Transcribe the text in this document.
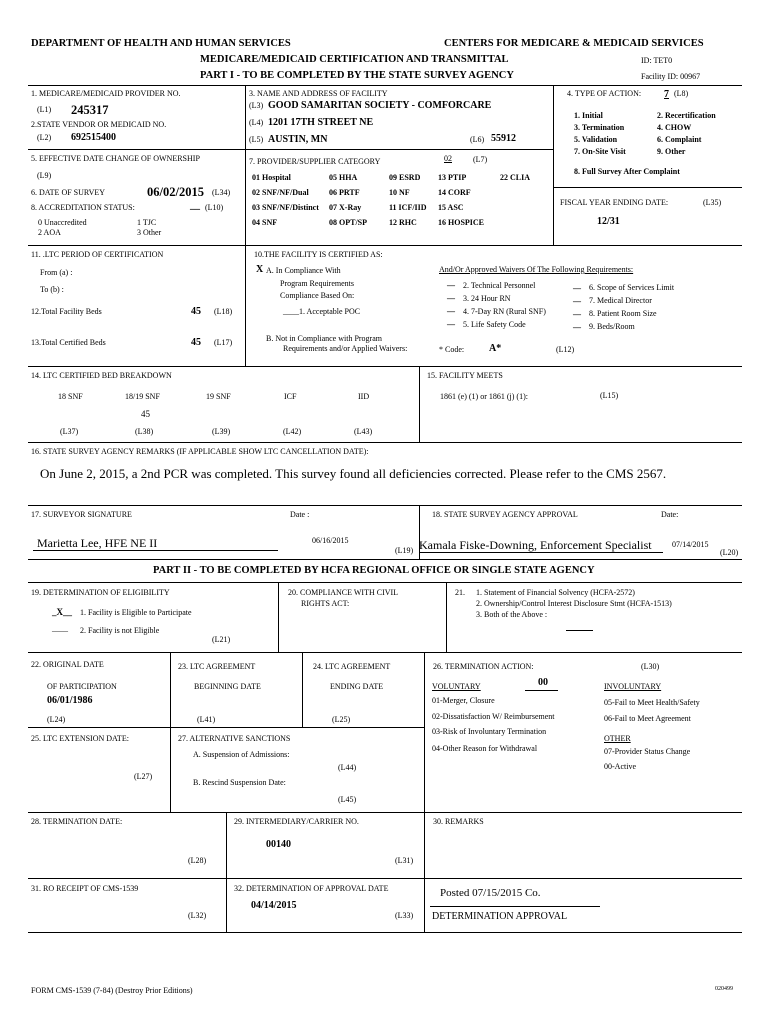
DEPARTMENT OF HEALTH AND HUMAN SERVICES	CENTERS FOR MEDICARE & MEDICAID SERVICES
MEDICARE/MEDICAID CERTIFICATION AND TRANSMITTAL
PART I - TO BE COMPLETED BY THE STATE SURVEY AGENCY
ID: TET0
Facility ID: 00967
1. MEDICARE/MEDICAID PROVIDER NO.
(L1) 245317
2.STATE VENDOR OR MEDICAID NO.
(L2) 692515400
3. NAME AND ADDRESS OF FACILITY
(L3) GOOD SAMARITAN SOCIETY - COMFORCARE
(L4) 1201 17TH STREET NE
(L5) AUSTIN, MN	(L6) 55912
4. TYPE OF ACTION: 7 (L8)
1. Initial	2. Recertification
3. Termination	4. CHOW
5. Validation	6. Complaint
7. On-Site Visit	9. Other
8. Full Survey After Complaint
5. EFFECTIVE DATE CHANGE OF OWNERSHIP
(L9)
6. DATE OF SURVEY	06/02/2015 (L34)
8. ACCREDITATION STATUS:	__ (L10)
0 Unaccredited	1 TJC
2 AOA	3 Other
7. PROVIDER/SUPPLIER CATEGORY	02	(L7)
01 Hospital	05 HHA	09 ESRD 13 PTIP	22 CLIA
02 SNF/NF/Dual	06 PRTF	10 NF	14 CORF
03 SNF/NF/Distinct 07 X-Ray	11 ICF/IID 15 ASC
04 SNF	08 OPT/SP	12 RHC	16 HOSPICE
FISCAL YEAR ENDING DATE:	(L35)
12/31
11. .LTC PERIOD OF CERTIFICATION
From (a) :
To (b) :
12.Total Facility Beds	45 (L18)
13.Total Certified Beds	45 (L17)
10.THE FACILITY IS CERTIFIED AS:
X A. In Compliance With
Program Requirements
Compliance Based On:
____1. Acceptable POC
B. Not in Compliance with Program
Requirements and/or Applied Waivers:
And/Or Approved Waivers Of The Following Requirements:
__ 2. Technical Personnel
__ 3. 24 Hour RN
__ 4. 7-Day RN (Rural SNF)
__ 5. Life Safety Code
__ 6. Scope of Services Limit
__ 7. Medical Director
__ 8. Patient Room Size
__ 9. Beds/Room
* Code: A*	(L12)
14. LTC CERTIFIED BED BREAKDOWN
18 SNF	18/19 SNF	19 SNF	ICF	IID
45
(L37)	(L38)	(L39)	(L42)	(L43)
15. FACILITY MEETS
1861 (e) (1) or 1861 (j) (1):	(L15)
16. STATE SURVEY AGENCY REMARKS (IF APPLICABLE SHOW LTC CANCELLATION DATE):
On June 2, 2015, a 2nd PCR was completed. This survey found all deficiencies corrected. Please refer to the CMS 2567.
17. SURVEYOR SIGNATURE	Date :
Marietta Lee, HFE NE II	06/16/2015
(L19)
18. STATE SURVEY AGENCY APPROVAL	Date:
Kamala Fiske-Downing, Enforcement Specialist	07/14/2015
(L20)
PART II - TO BE COMPLETED BY HCFA REGIONAL OFFICE OR SINGLE STATE AGENCY
19. DETERMINATION OF ELIGIBILITY
_X__ 1. Facility is Eligible to Participate
____ 2. Facility is not Eligible
(L21)
20. COMPLIANCE WITH CIVIL
RIGHTS ACT:
21. 1. Statement of Financial Solvency (HCFA-2572)
2. Ownership/Control Interest Disclosure Stmt (HCFA-1513)
3. Both of the Above :
22. ORIGINAL DATE
OF PARTICIPATION
06/01/1986
(L24)
23. LTC AGREEMENT
BEGINNING DATE
(L41)
24. LTC AGREEMENT
ENDING DATE
(L25)
26. TERMINATION ACTION:	(L30)
VOLUNTARY	00	INVOLUNTARY
01-Merger, Closure
02-Dissatisfaction W/ Reimbursement
03-Risk of Involuntary Termination
04-Other Reason for Withdrawal
05-Fail to Meet Health/Safety
06-Fail to Meet Agreement
OTHER
07-Provider Status Change
00-Active
25. LTC EXTENSION DATE:
(L27)
27. ALTERNATIVE SANCTIONS
A. Suspension of Admissions:
(L44)
B. Rescind Suspension Date:
(L45)
28. TERMINATION DATE:
(L28)
29. INTERMEDIARY/CARRIER NO.
00140
(L31)
30. REMARKS
31. RO RECEIPT OF CMS-1539
(L32)
32. DETERMINATION OF APPROVAL DATE
04/14/2015
(L33)
Posted 07/15/2015 Co.
DETERMINATION APPROVAL
FORM CMS-1539 (7-84) (Destroy Prior Editions)	020499
